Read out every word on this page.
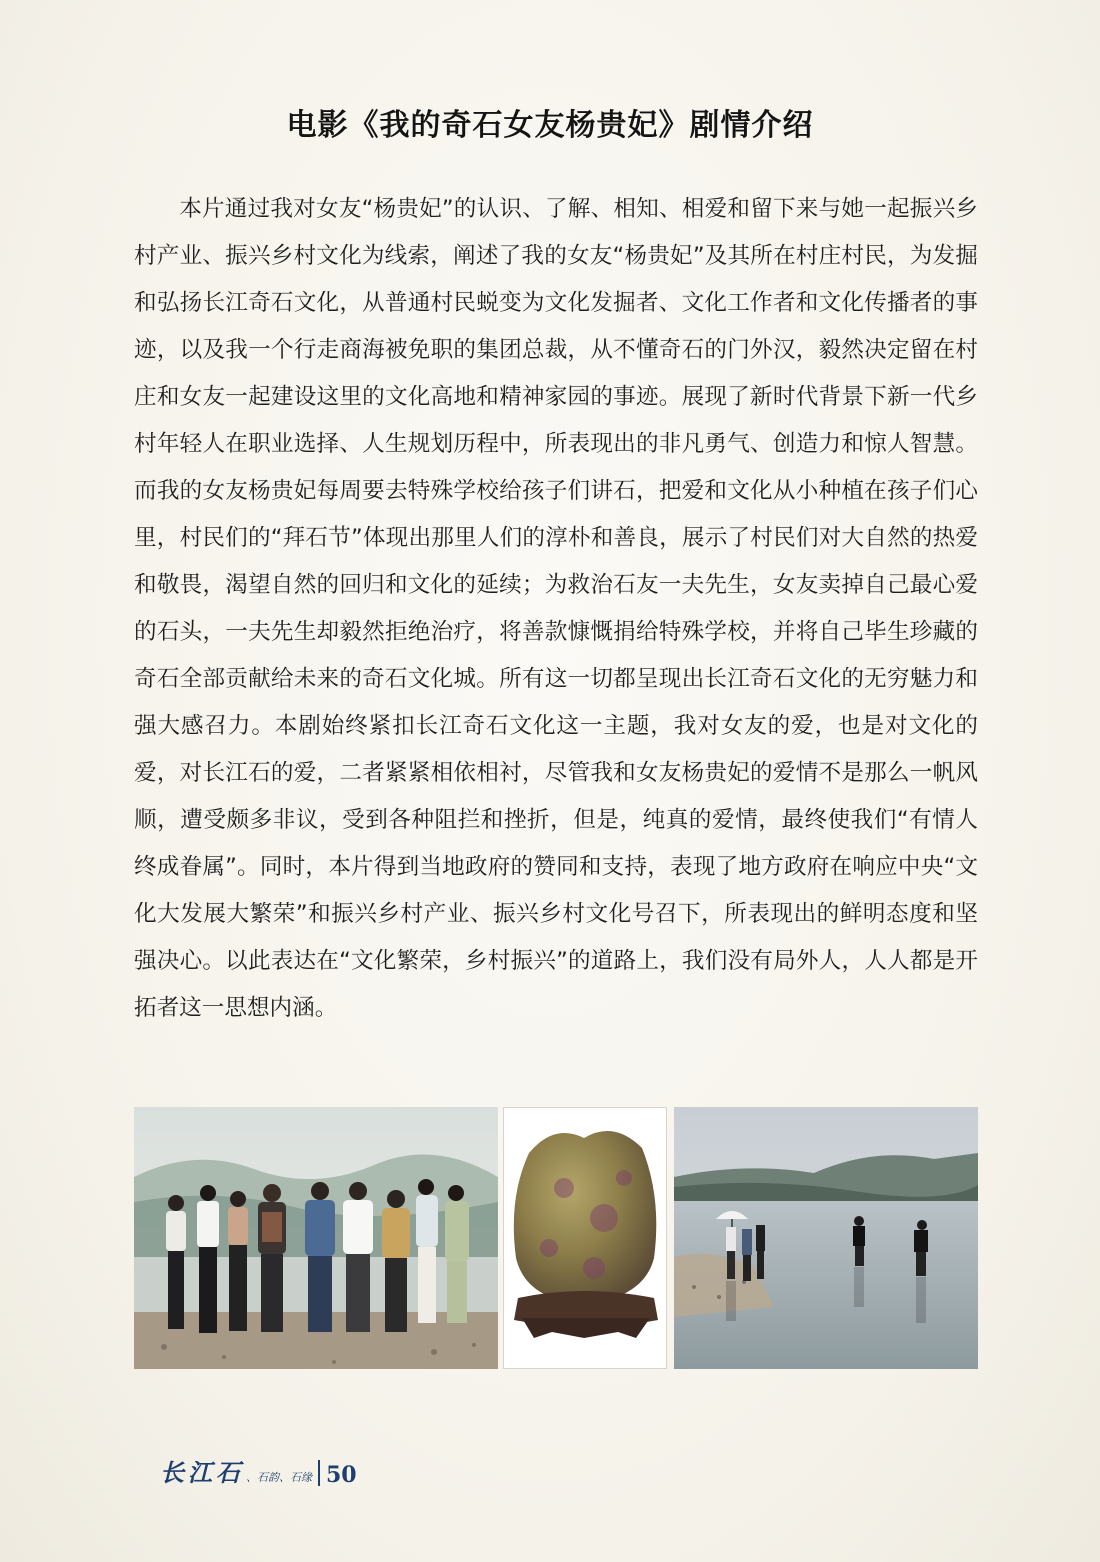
电影《我的奇石女友杨贵妃》剧情介绍
本片通过我对女友“杨贵妃”的认识、了解、相知、相爱和留下来与她一起振兴乡村产业、振兴乡村文化为线索，阐述了我的女友“杨贵妃”及其所在村庄村民，为发掘和弘扬长江奇石文化，从普通村民蜕变为文化发掘者、文化工作者和文化传播者的事迹，以及我一个行走商海被免职的集团总裁，从不懂奇石的门外汉，毅然决定留在村庄和女友一起建设这里的文化高地和精神家园的事迹。展现了新时代背景下新一代乡村年轻人在职业选择、人生规划历程中，所表现出的非凡勇气、创造力和惊人智慧。而我的女友杨贵妃每周要去特殊学校给孩子们讲石，把爱和文化从小种植在孩子们心里，村民们的“拜石节”体现出那里人们的淳朴和善良，展示了村民们对大自然的热爱和敬畏，渴望自然的回归和文化的延续；为救治石友一夫先生，女友卖掉自己最心爱的石头，一夫先生却毅然拒绝治疗，将善款慷慨捐给特殊学校，并将自己毕生珍藏的奇石全部贡献给未来的奇石文化城。所有这一切都呈现出长江奇石文化的无穷魅力和强大感召力。本剧始终紧扣长江奇石文化这一主题，我对女友的爱，也是对文化的爱，对长江石的爱，二者紧紧相依相衬，尽管我和女友杨贵妃的爱情不是那么一帆风顺，遭受颇多非议，受到各种阻拦和挫折，但是，纯真的爱情，最终使我们“有情人终成眷属”。同时，本片得到当地政府的赞同和支持，表现了地方政府在响应中央“文化大发展大繁荣”和振兴乡村产业、振兴乡村文化号召下，所表现出的鲜明态度和坚强决心。以此表达在“文化繁荣，乡村振兴”的道路上，我们没有局外人，人人都是开拓者这一思想内涵。
长江石 、石韵、石缘 50
